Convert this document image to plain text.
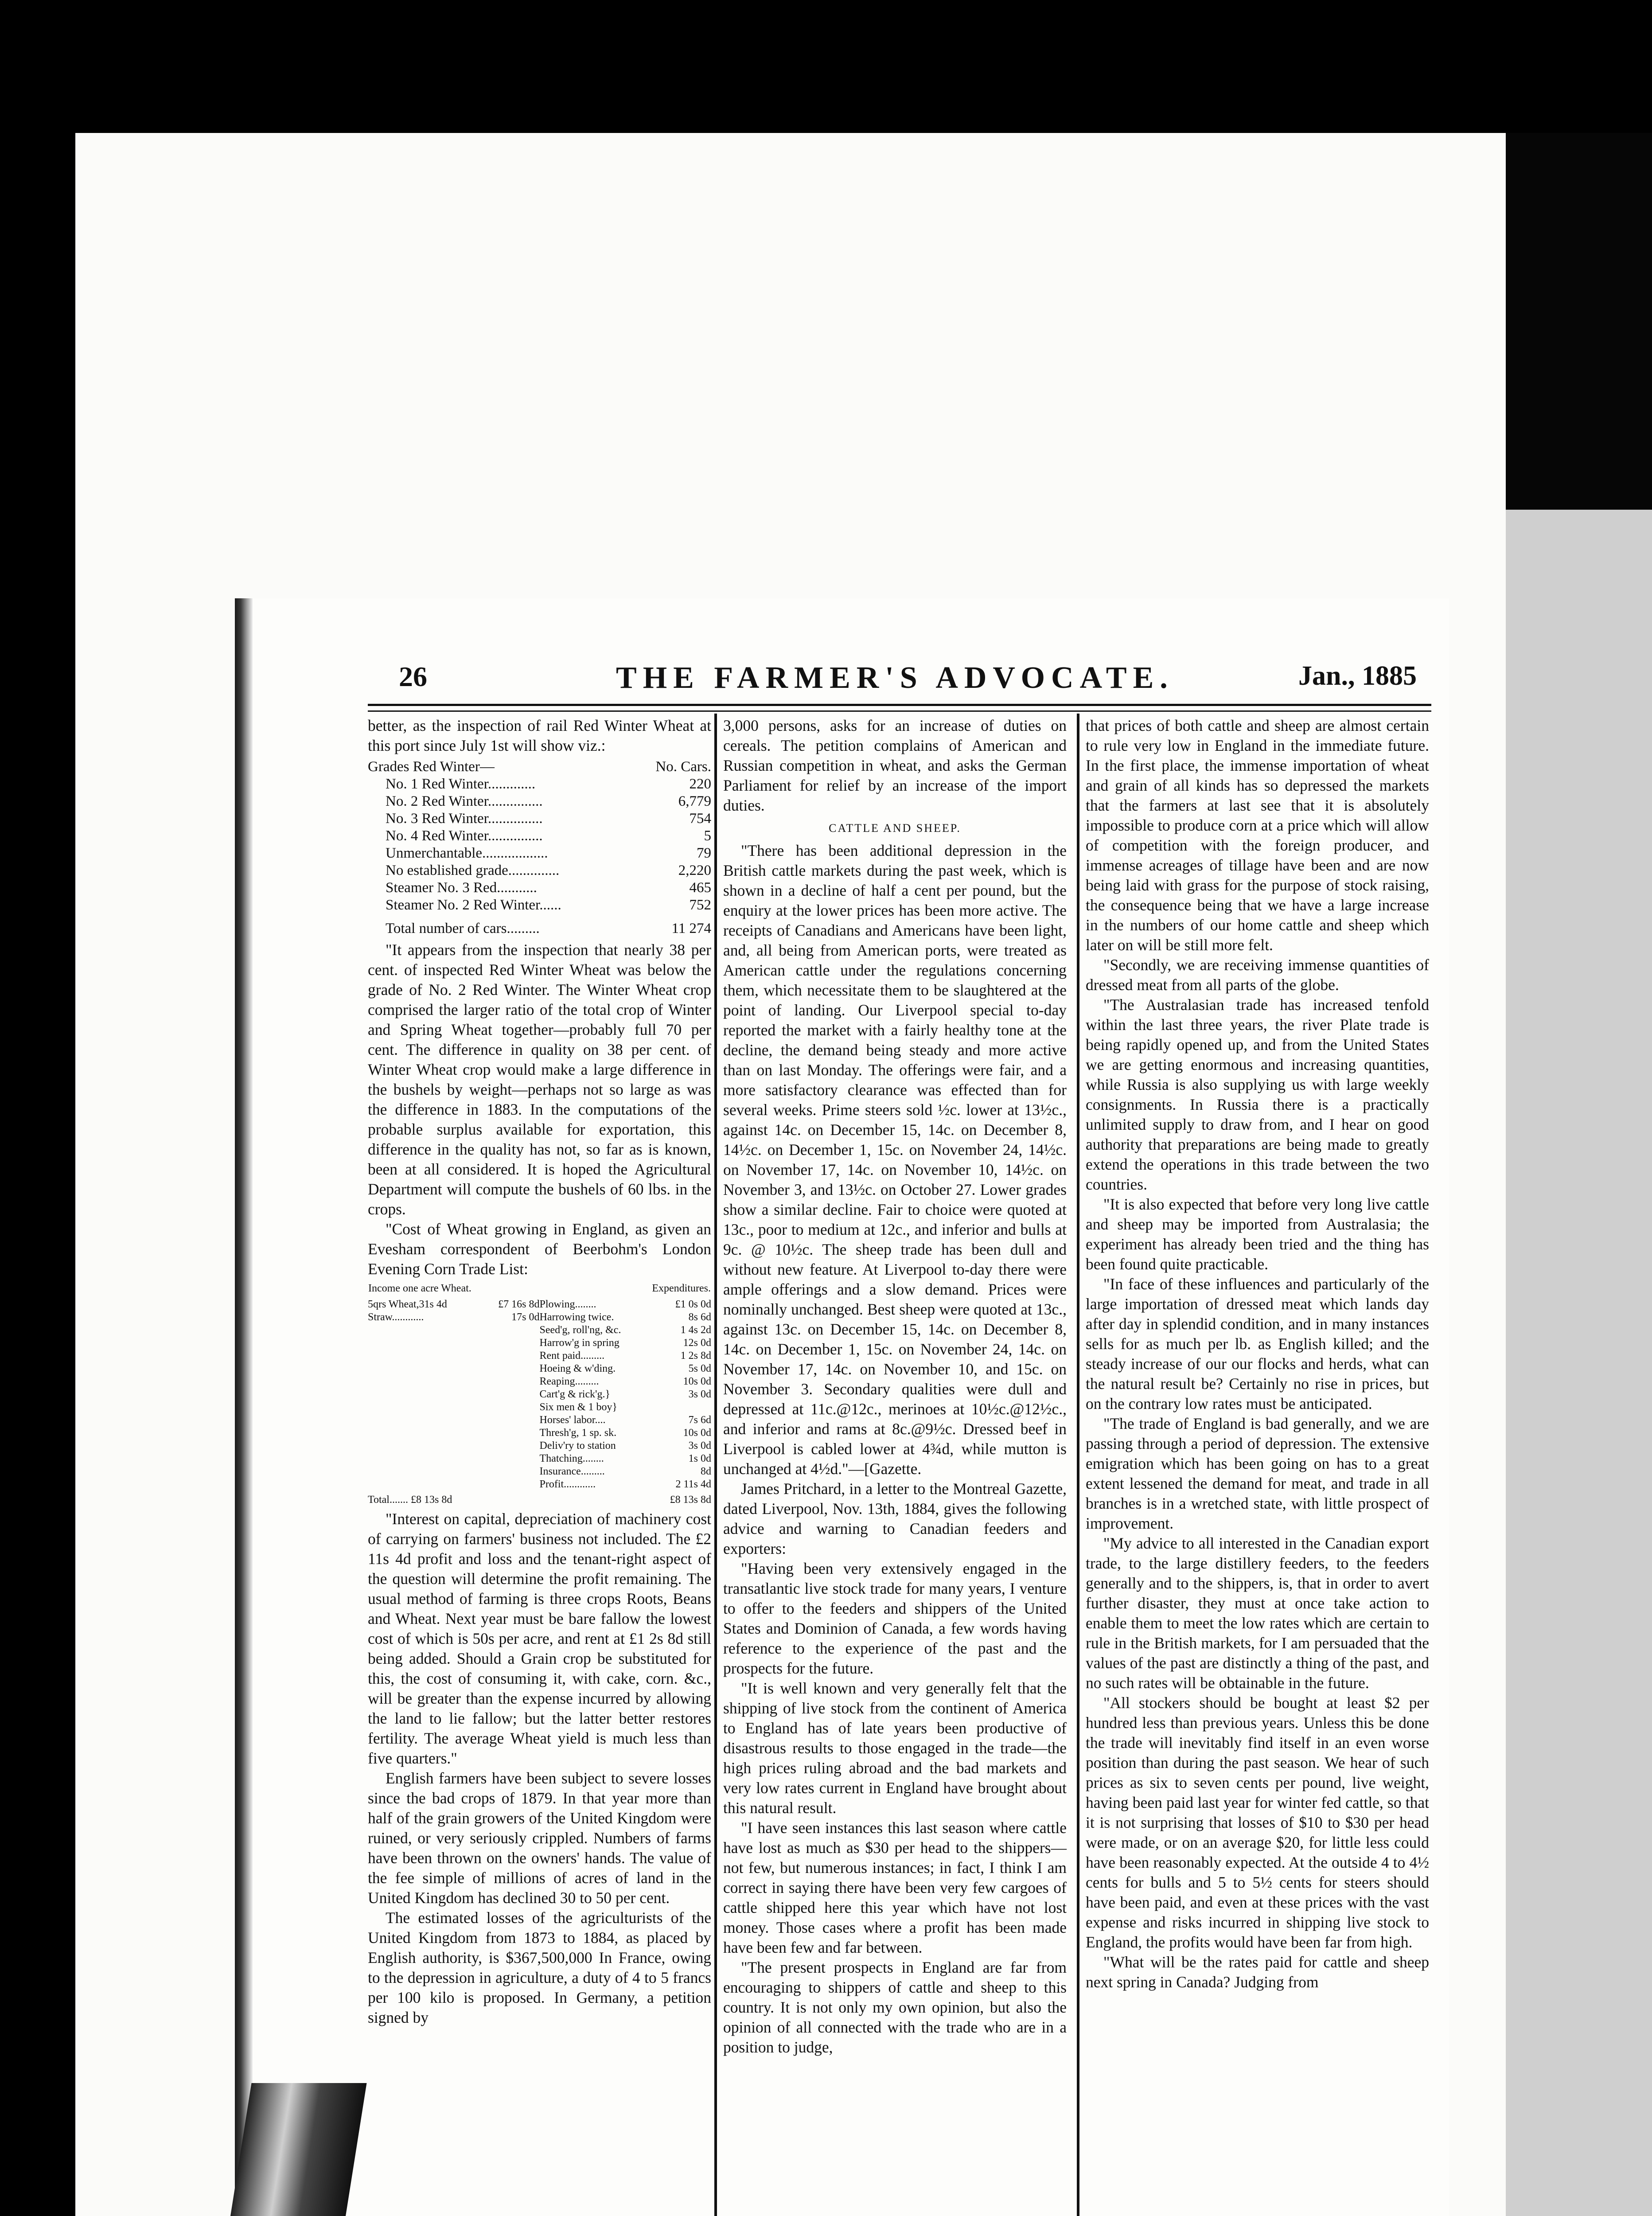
26	THE FARMER'S ADVOCATE.	Jan., 1885

better, as the inspection of rail Red Winter Wheat at this port since July 1st will show viz.:

Grades Red Winter—	No. Cars.
No. 1 Red Winter.............	220
No. 2 Red Winter...............	6,779
No. 3 Red Winter...............	754
No. 4 Red Winter...............	5
Unmerchantable..................	79
No established grade..............	2,220
Steamer No. 3 Red...........	465
Steamer No. 2 Red Winter......	752
Total number of cars.........	11 274

"It appears from the inspection that nearly 38 per cent. of inspected Red Winter Wheat was below the grade of No. 2 Red Winter. The Winter Wheat crop comprised the larger ratio of the total crop of Winter and Spring Wheat together—probably full 70 per cent. The difference in quality on 38 per cent. of Winter Wheat crop would make a large difference in the bushels by weight—perhaps not so large as was the difference in 1883. In the computations of the probable surplus available for exportation, this difference in the quality has not, so far as is known, been at all considered. It is hoped the Agricultural Department will compute the bushels of 60 lbs. in the crops.

"Cost of Wheat growing in England, as given an Evesham correspondent of Beerbohm's London Evening Corn Trade List:

Income one acre Wheat.	Expenditures.

5qrs Wheat,31s 4d	£7 16s 8d
Straw............	17s 0d

Plowing........	£1 0s 0d
Harrowing twice.	8s 6d
Seed'g, roll'ng, &c.	1 4s 2d
Harrow'g in spring	12s 0d
Rent paid.........	1 2s 8d
Hoeing & w'ding.	5s 0d
Reaping.........	10s 0d
Cart'g & rick'g.}	3s 0d
Six men & 1 boy}	
Horses' labor....	7s 6d
Thresh'g, 1 sp. sk.	10s 0d
Deliv'ry to station	3s 0d
Thatching........	1s 0d
Insurance.........	8d
Profit............	2 11s 4d

Total....... £8 13s 8d	£8 13s 8d

"Interest on capital, depreciation of machinery cost of carrying on farmers' business not included. The £2 11s 4d profit and loss and the tenant-right aspect of the question will determine the profit remaining. The usual method of farming is three crops Roots, Beans and Wheat. Next year must be bare fallow the lowest cost of which is 50s per acre, and rent at £1 2s 8d still being added. Should a Grain crop be substituted for this, the cost of consuming it, with cake, corn. &c., will be greater than the expense incurred by allowing the land to lie fallow; but the latter better restores fertility. The average Wheat yield is much less than five quarters."

English farmers have been subject to severe losses since the bad crops of 1879. In that year more than half of the grain growers of the United Kingdom were ruined, or very seriously crippled. Numbers of farms have been thrown on the owners' hands. The value of the fee simple of millions of acres of land in the United Kingdom has declined 30 to 50 per cent.

The estimated losses of the agriculturists of the United Kingdom from 1873 to 1884, as placed by English authority, is $367,500,000 In France, owing to the depression in agriculture, a duty of 4 to 5 francs per 100 kilo is proposed. In Germany, a petition signed by

3,000 persons, asks for an increase of duties on cereals. The petition complains of American and Russian competition in wheat, and asks the German Parliament for relief by an increase of the import duties.

CATTLE AND SHEEP.

"There has been additional depression in the British cattle markets during the past week, which is shown in a decline of half a cent per pound, but the enquiry at the lower prices has been more active. The receipts of Canadians and Americans have been light, and, all being from American ports, were treated as American cattle under the regulations concerning them, which necessitate them to be slaughtered at the point of landing. Our Liverpool special to-day reported the market with a fairly healthy tone at the decline, the demand being steady and more active than on last Monday. The offerings were fair, and a more satisfactory clearance was effected than for several weeks. Prime steers sold ½c. lower at 13½c., against 14c. on December 15, 14c. on December 8, 14½c. on December 1, 15c. on November 24, 14½c. on November 17, 14c. on November 10, 14½c. on November 3, and 13½c. on October 27. Lower grades show a similar decline. Fair to choice were quoted at 13c., poor to medium at 12c., and inferior and bulls at 9c. @ 10½c. The sheep trade has been dull and without new feature. At Liverpool to-day there were ample offerings and a slow demand. Prices were nominally unchanged. Best sheep were quoted at 13c., against 13c. on December 15, 14c. on December 8, 14c. on December 1, 15c. on November 24, 14c. on November 17, 14c. on November 10, and 15c. on November 3. Secondary qualities were dull and depressed at 11c.@12c., merinoes at 10½c.@12½c., and inferior and rams at 8c.@9½c. Dressed beef in Liverpool is cabled lower at 4¾d, while mutton is unchanged at 4½d."—[Gazette.

James Pritchard, in a letter to the Montreal Gazette, dated Liverpool, Nov. 13th, 1884, gives the following advice and warning to Canadian feeders and exporters:

"Having been very extensively engaged in the transatlantic live stock trade for many years, I venture to offer to the feeders and shippers of the United States and Dominion of Canada, a few words having reference to the experience of the past and the prospects for the future.

"It is well known and very generally felt that the shipping of live stock from the continent of America to England has of late years been productive of disastrous results to those engaged in the trade—the high prices ruling abroad and the bad markets and very low rates current in England have brought about this natural result.

"I have seen instances this last season where cattle have lost as much as $30 per head to the shippers—not few, but numerous instances; in fact, I think I am correct in saying there have been very few cargoes of cattle shipped here this year which have not lost money. Those cases where a profit has been made have been few and far between.

"The present prospects in England are far from encouraging to shippers of cattle and sheep to this country. It is not only my own opinion, but also the opinion of all connected with the trade who are in a position to judge,

that prices of both cattle and sheep are almost certain to rule very low in England in the immediate future. In the first place, the immense importation of wheat and grain of all kinds has so depressed the markets that the farmers at last see that it is absolutely impossible to produce corn at a price which will allow of competition with the foreign producer, and immense acreages of tillage have been and are now being laid with grass for the purpose of stock raising, the consequence being that we have a large increase in the numbers of our home cattle and sheep which later on will be still more felt.

"Secondly, we are receiving immense quantities of dressed meat from all parts of the globe.

"The Australasian trade has increased tenfold within the last three years, the river Plate trade is being rapidly opened up, and from the United States we are getting enormous and increasing quantities, while Russia is also supplying us with large weekly consignments. In Russia there is a practically unlimited supply to draw from, and I hear on good authority that preparations are being made to greatly extend the operations in this trade between the two countries.

"It is also expected that before very long live cattle and sheep may be imported from Australasia; the experiment has already been tried and the thing has been found quite practicable.

"In face of these influences and particularly of the large importation of dressed meat which lands day after day in splendid condition, and in many instances sells for as much per lb. as English killed; and the steady increase of our our flocks and herds, what can the natural result be? Certainly no rise in prices, but on the contrary low rates must be anticipated.

"The trade of England is bad generally, and we are passing through a period of depression. The extensive emigration which has been going on has to a great extent lessened the demand for meat, and trade in all branches is in a wretched state, with little prospect of improvement.

"My advice to all interested in the Canadian export trade, to the large distillery feeders, to the feeders generally and to the shippers, is, that in order to avert further disaster, they must at once take action to enable them to meet the low rates which are certain to rule in the British markets, for I am persuaded that the values of the past are distinctly a thing of the past, and no such rates will be obtainable in the future.

"All stockers should be bought at least $2 per hundred less than previous years. Unless this be done the trade will inevitably find itself in an even worse position than during the past season. We hear of such prices as six to seven cents per pound, live weight, having been paid last year for winter fed cattle, so that it is not surprising that losses of $10 to $30 per head were made, or on an average $20, for little less could have been reasonably expected. At the outside 4 to 4½ cents for bulls and 5 to 5½ cents for steers should have been paid, and even at these prices with the vast expense and risks incurred in shipping live stock to England, the profits would have been far from high.

"What will be the rates paid for cattle and sheep next spring in Canada? Judging from
